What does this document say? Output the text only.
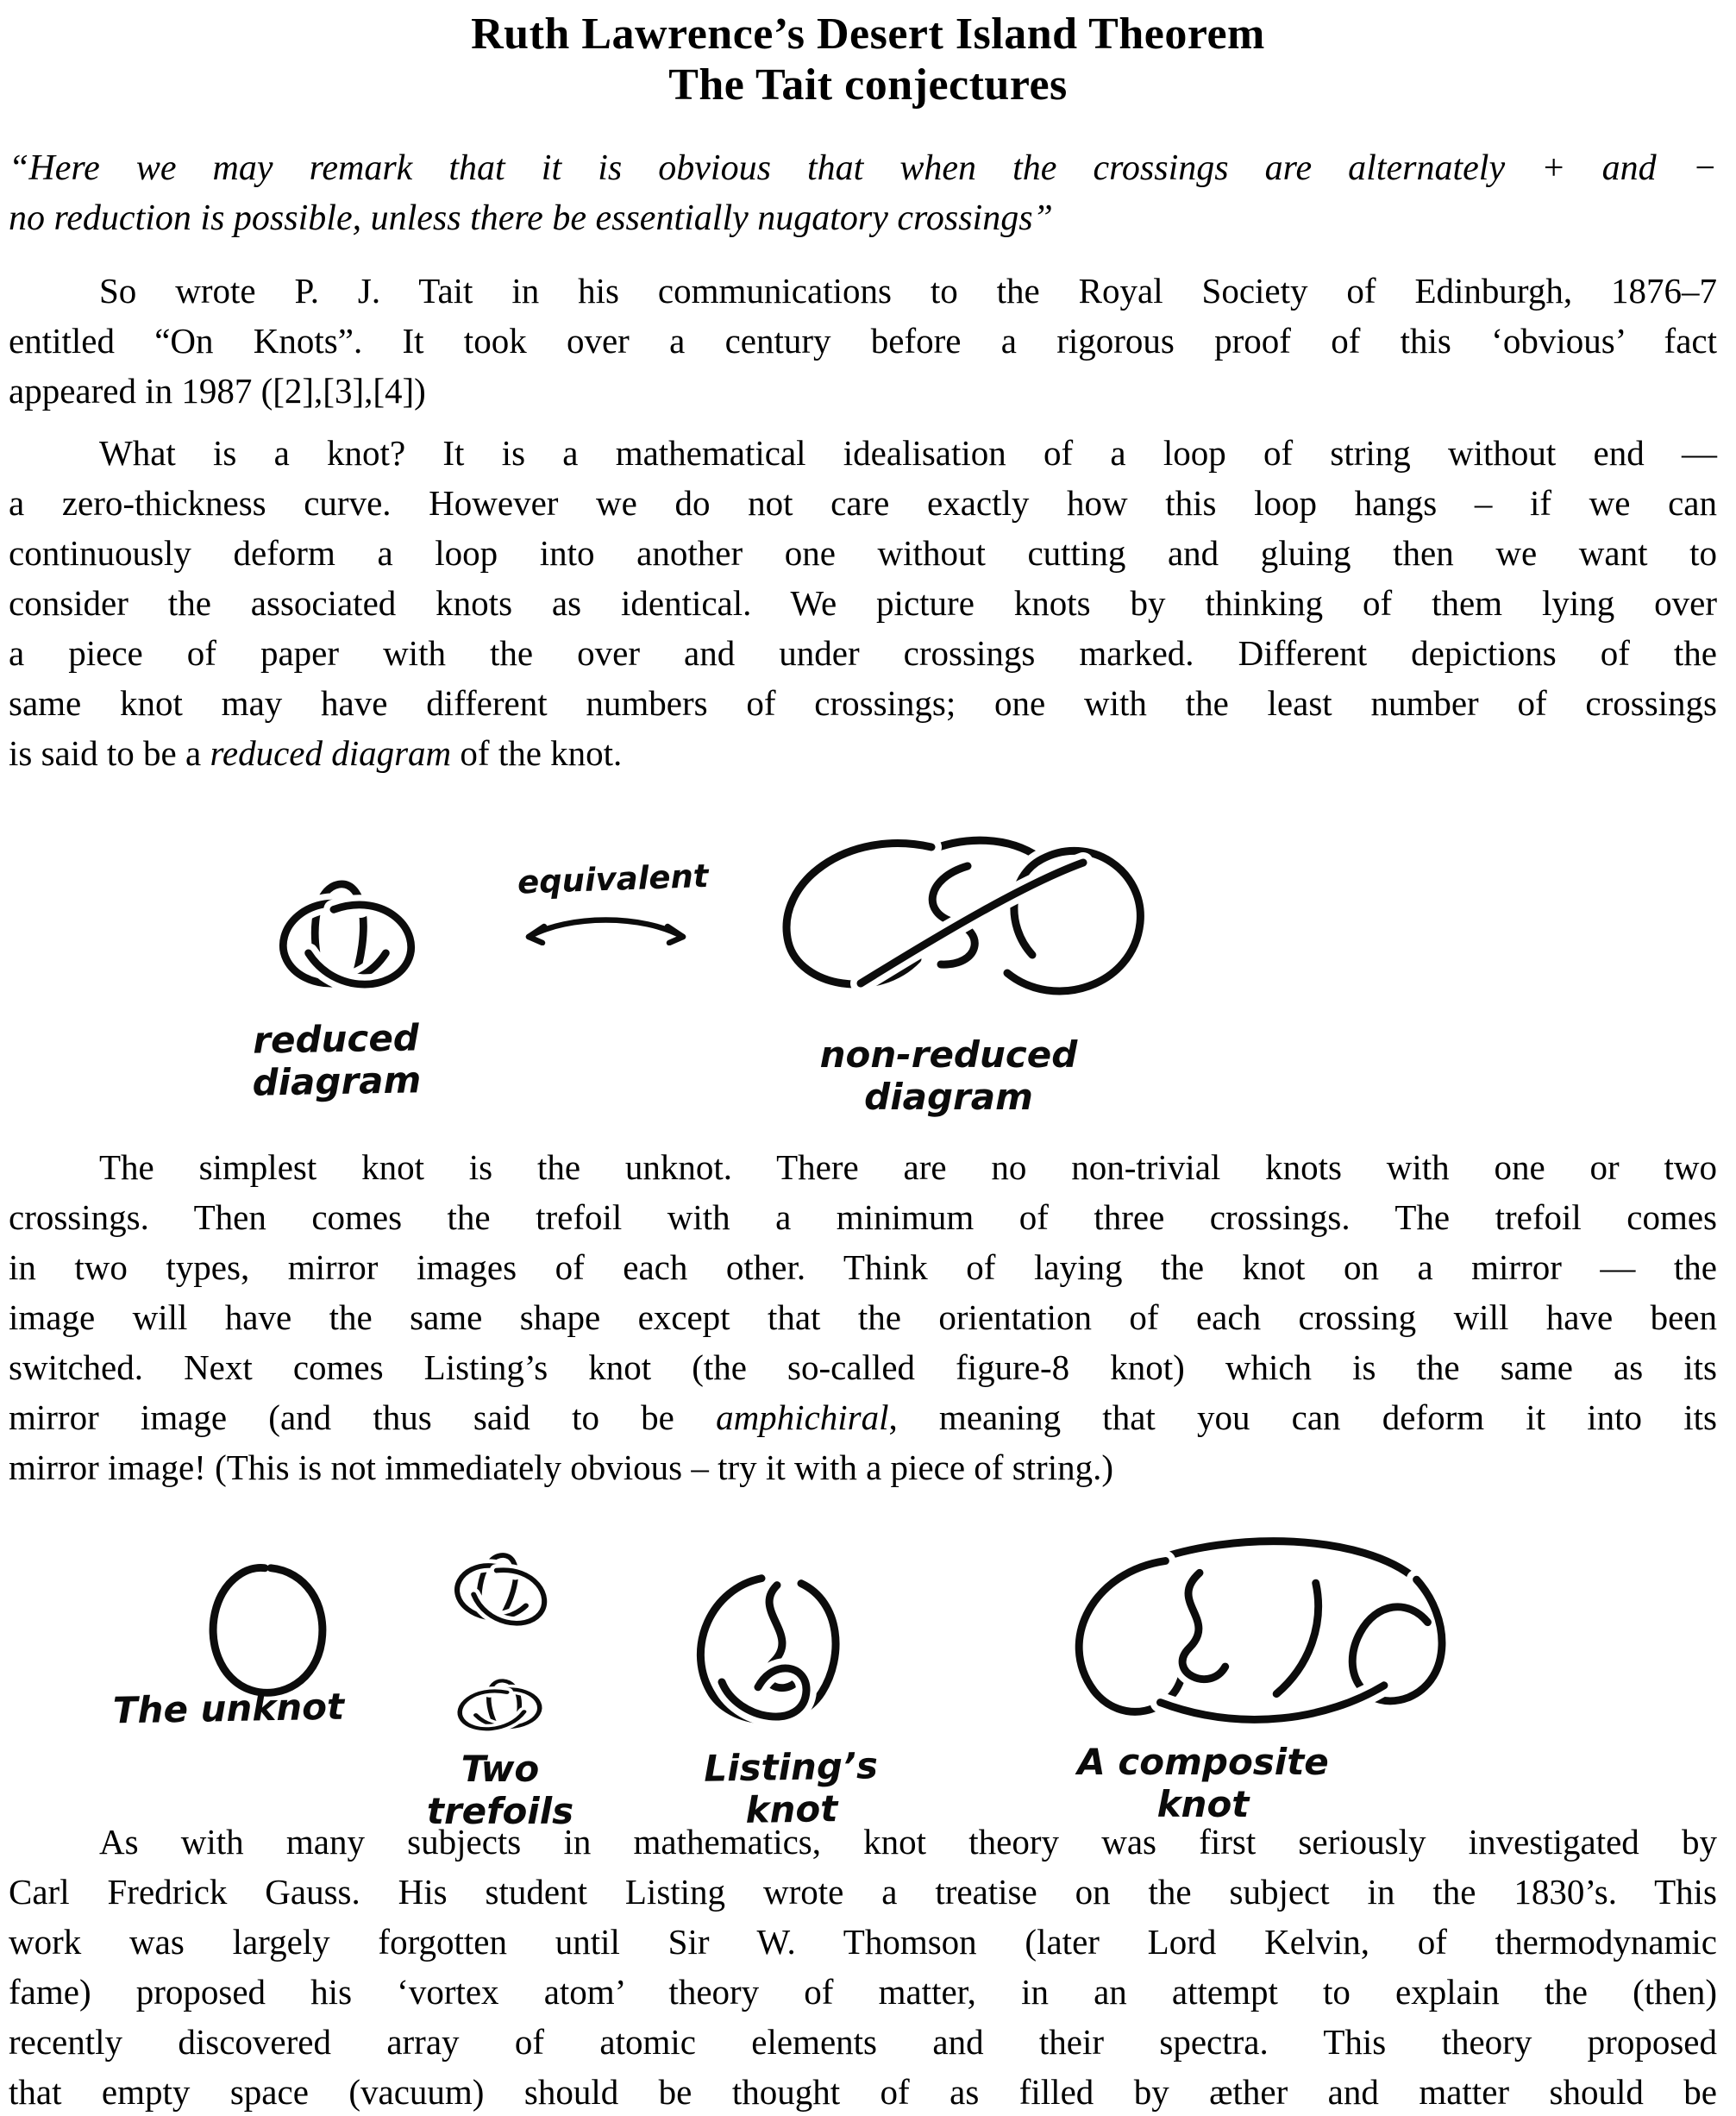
Ruth Lawrence’s Desert Island Theorem
The Tait conjectures
“Here we may remark that it is obvious that when the crossings are alternately + and −
no reduction is possible, unless there be essentially nugatory crossings”
So wrote P. J. Tait in his communications to the Royal Society of Edinburgh, 1876–7
entitled “On Knots”. It took over a century before a rigorous proof of this ‘obvious’ fact
appeared in 1987 ([2],[3],[4])
What is a knot? It is a mathematical idealisation of a loop of string without end —
a zero-thickness curve. However we do not care exactly how this loop hangs – if we can
continuously deform a loop into another one without cutting and gluing then we want to
consider the associated knots as identical. We picture knots by thinking of them lying over
a piece of paper with the over and under crossings marked. Different depictions of the
same knot may have different numbers of crossings; one with the least number of crossings
is said to be a reduced diagram of the knot.
reduced diagram
equivalent
non-reduced diagram
The simplest knot is the unknot. There are no non-trivial knots with one or two
crossings. Then comes the trefoil with a minimum of three crossings. The trefoil comes
in two types, mirror images of each other. Think of laying the knot on a mirror — the
image will have the same shape except that the orientation of each crossing will have been
switched. Next comes Listing’s knot (the so-called figure-8 knot) which is the same as its
mirror image (and thus said to be amphichiral, meaning that you can deform it into its
mirror image! (This is not immediately obvious – try it with a piece of string.)
The unknot
Two trefoils
Listing’s knot
A composite knot
As with many subjects in mathematics, knot theory was first seriously investigated by
Carl Fredrick Gauss. His student Listing wrote a treatise on the subject in the 1830’s. This
work was largely forgotten until Sir W. Thomson (later Lord Kelvin, of thermodynamic
fame) proposed his ‘vortex atom’ theory of matter, in an attempt to explain the (then)
recently discovered array of atomic elements and their spectra. This theory proposed
that empty space (vacuum) should be thought of as filled by æther and matter should be
